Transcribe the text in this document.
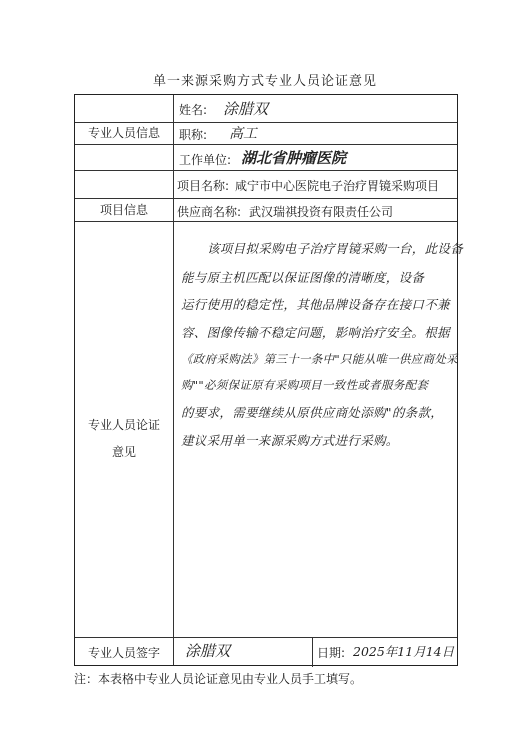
单一来源采购方式专业人员论证意见
专业人员信息
姓名: 涂腊双
职称: 高工
工作单位: 湖北省肿瘤医院
项目信息
项目名称: 咸宁市中心医院电子治疗胃镜采购项目
供应商名称: 武汉瑞祺投资有限责任公司
专业人员论证
意见
该项目拟采购电子治疗胃镜采购一台，此设备
能与原主机匹配以保证图像的清晰度，设备
运行使用的稳定性，其他品牌设备存在接口不兼
容、图像传输不稳定问题，影响治疗安全。根据
《政府采购法》第三十一条中"只能从唯一供应商处采
购""必须保证原有采购项目一致性或者服务配套
的要求，需要继续从原供应商处添购"的条款，
建议采用单一来源采购方式进行采购。
专业人员签字	涂腊双	日期: 2025年11月14日
注：本表格中专业人员论证意见由专业人员手工填写。
